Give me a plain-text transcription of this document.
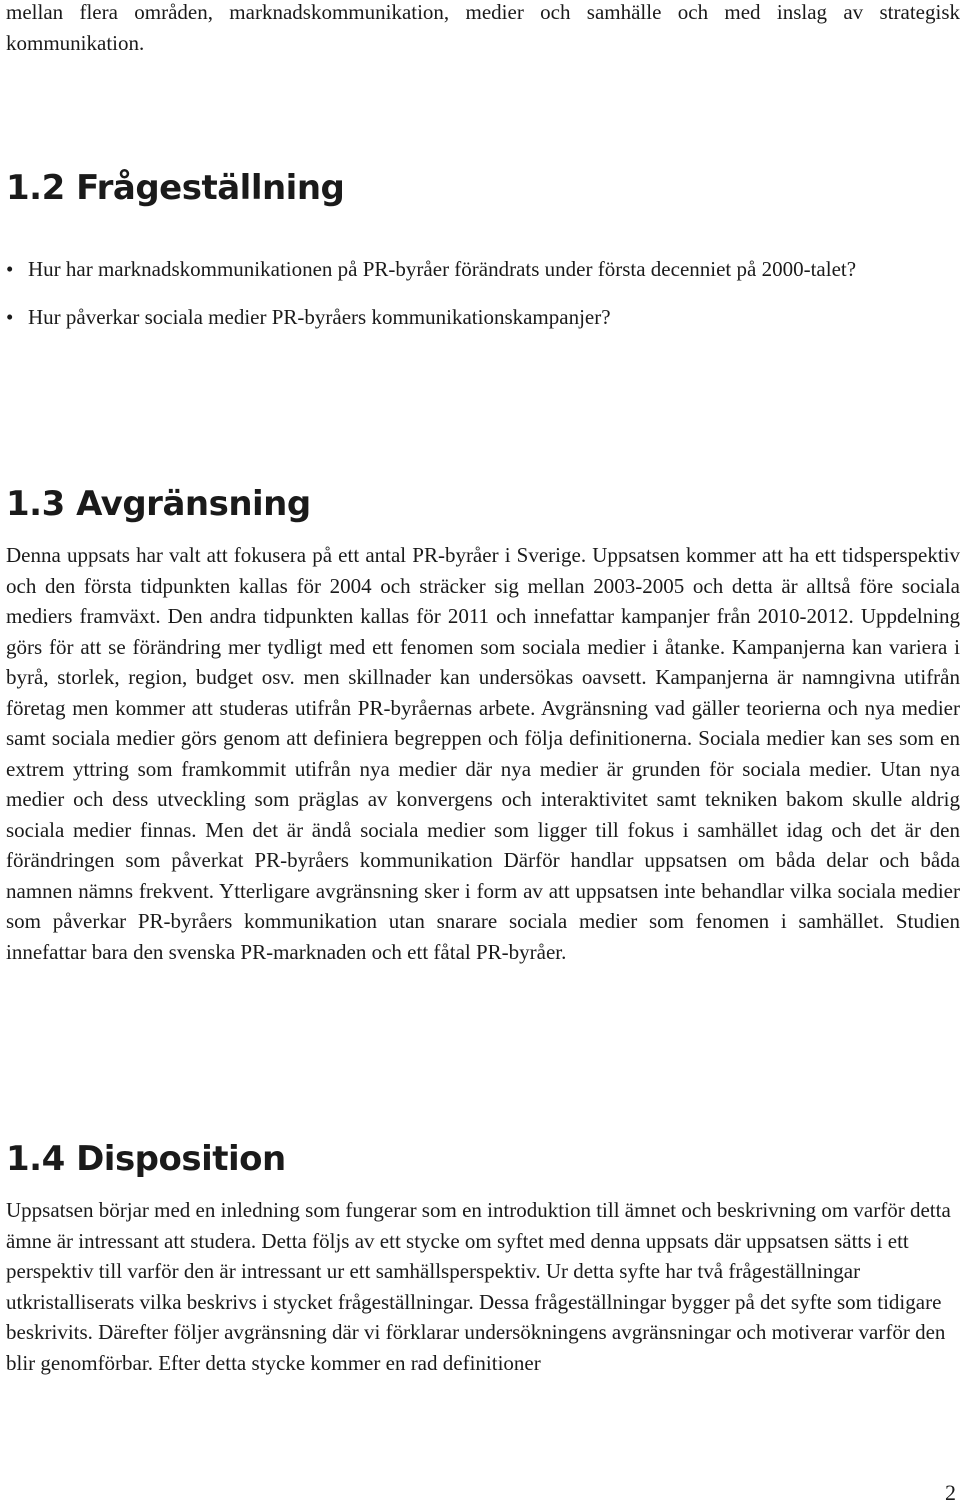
mellan flera områden, marknadskommunikation, medier och samhälle och med inslag av strategisk kommunikation.

1.2 Frågeställning
• Hur har marknadskommunikationen på PR-byråer förändrats under första decenniet på 2000-talet?
• Hur påverkar sociala medier PR-byråers kommunikationskampanjer?
1.3 Avgränsning

Denna uppsats har valt att fokusera på ett antal PR-byråer i Sverige. Uppsatsen kommer att ha ett tidsperspektiv och den första tidpunkten kallas för 2004 och sträcker sig mellan 2003-2005 och detta är alltså före sociala mediers framväxt. Den andra tidpunkten kallas för 2011 och innefattar kampanjer från 2010-2012. Uppdelning görs för att se förändring mer tydligt med ett fenomen som sociala medier i åtanke. Kampanjerna kan variera i byrå, storlek, region, budget osv. men skillnader kan undersökas oavsett. Kampanjerna är namngivna utifrån företag men kommer att studeras utifrån PR-byråernas arbete. Avgränsning vad gäller teorierna och nya medier samt sociala medier görs genom att definiera begreppen och följa definitionerna. Sociala medier kan ses som en extrem yttring som framkommit utifrån nya medier där nya medier är grunden för sociala medier. Utan nya medier och dess utveckling som präglas av konvergens och interaktivitet samt tekniken bakom skulle aldrig sociala medier finnas. Men det är ändå sociala medier som ligger till fokus i samhället idag och det är den förändringen som påverkat PR-byråers kommunikation Därför handlar uppsatsen om båda delar och båda namnen nämns frekvent. Ytterligare avgränsning sker i form av att uppsatsen inte behandlar vilka sociala medier som påverkar PR-byråers kommunikation utan snarare sociala medier som fenomen i samhället. Studien innefattar bara den svenska PR-marknaden och ett fåtal PR-byråer.

1.4 Disposition

Uppsatsen börjar med en inledning som fungerar som en introduktion till ämnet och beskrivning om varför detta ämne är intressant att studera. Detta följs av ett stycke om syftet med denna uppsats där uppsatsen sätts i ett perspektiv till varför den är intressant ur ett samhällsperspektiv. Ur detta syfte har två frågeställningar utkristalliserats vilka beskrivs i stycket frågeställningar. Dessa frågeställningar bygger på det syfte som tidigare beskrivits. Därefter följer avgränsning där vi förklarar undersökningens avgränsningar och motiverar varför den blir genomförbar. Efter detta stycke kommer en rad definitioner

2
